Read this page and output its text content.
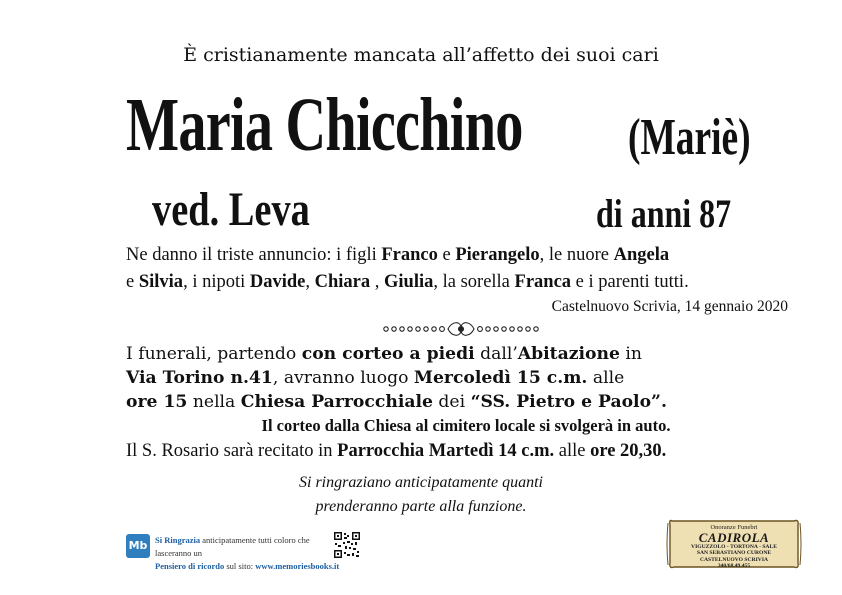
È cristianamente mancata all’affetto dei suoi cari
Maria Chicchino (Mariè)
ved. Leva	di anni 87
Ne danno il triste annuncio: i figli Franco e Pierangelo, le nuore Angela
e Silvia, i nipoti Davide, Chiara , Giulia, la sorella Franca e i parenti tutti.
Castelnuovo Scrivia, 14 gennaio 2020
I funerali, partendo con corteo a piedi dall’Abitazione in
Via Torino n.41, avranno luogo Mercoledì 15 c.m. alle
ore 15 nella Chiesa Parrocchiale dei “SS. Pietro e Paolo”.
Il corteo dalla Chiesa al cimitero locale si svolgerà in auto.
Il S. Rosario sarà recitato in Parrocchia Martedì 14 c.m. alle ore 20,30.
Si ringraziano anticipatamente quanti
prenderanno parte alla funzione.
Mb Si Ringrazia anticipatamente tutti coloro che lasceranno un
Pensiero di ricordo sul sito: www.memoriesbooks.it
Onoranze Funebri
CADIROLA
VIGUZZOLO - TORTONA - SALE
SAN SEBASTIANO CURONE
CASTELNUOVO SCRIVIA
340/68.49.455
